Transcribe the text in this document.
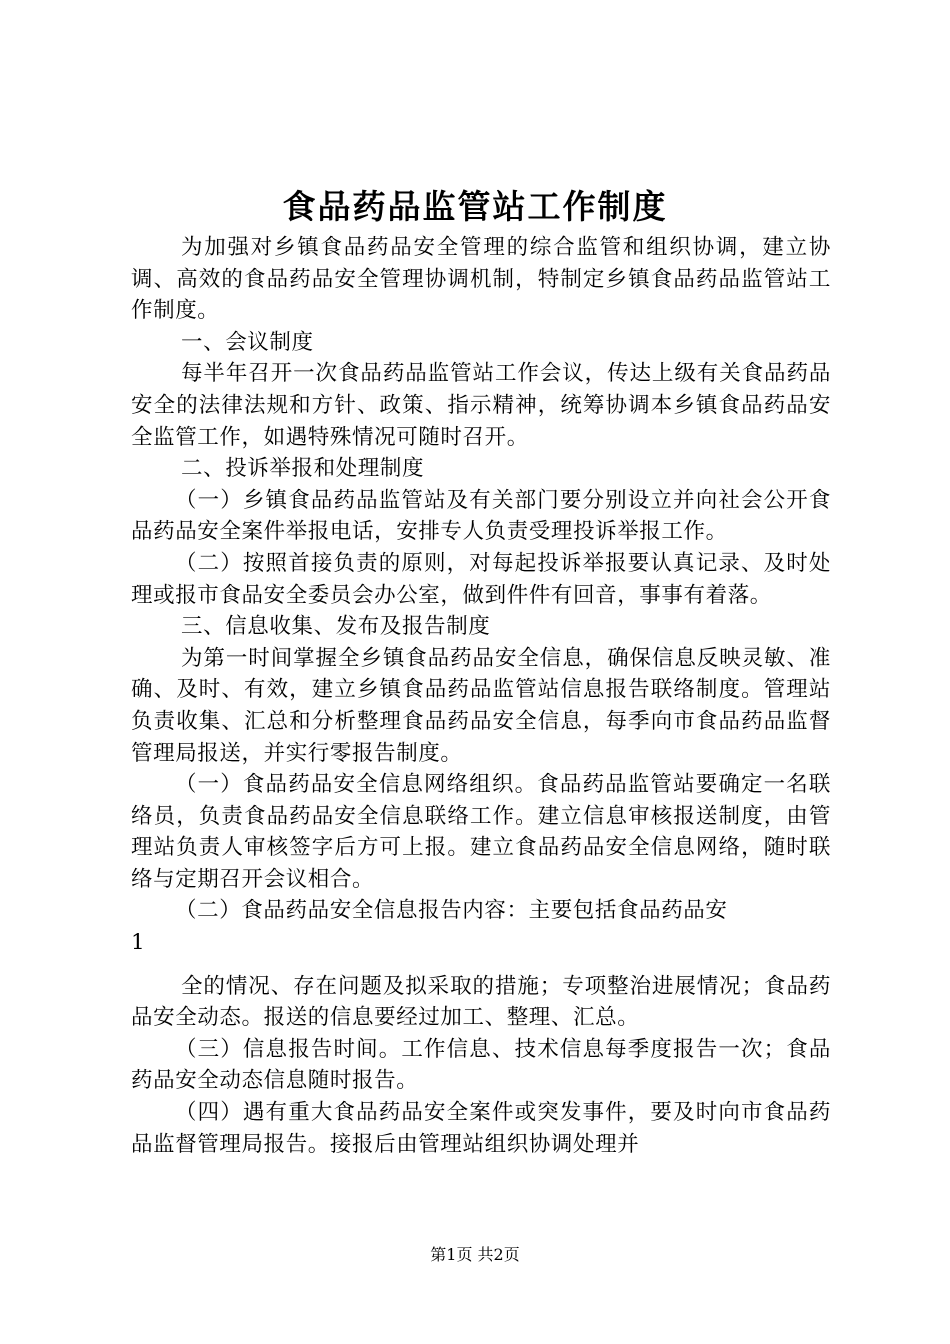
食品药品监管站工作制度

为加强对乡镇食品药品安全管理的综合监管和组织协调，建立协调、高效的食品药品安全管理协调机制，特制定乡镇食品药品监管站工作制度。

一、会议制度

每半年召开一次食品药品监管站工作会议，传达上级有关食品药品安全的法律法规和方针、政策、指示精神，统筹协调本乡镇食品药品安全监管工作，如遇特殊情况可随时召开。

二、投诉举报和处理制度

（一）乡镇食品药品监管站及有关部门要分别设立并向社会公开食品药品安全案件举报电话，安排专人负责受理投诉举报工作。

（二）按照首接负责的原则，对每起投诉举报要认真记录、及时处理或报市食品安全委员会办公室，做到件件有回音，事事有着落。

三、信息收集、发布及报告制度

为第一时间掌握全乡镇食品药品安全信息，确保信息反映灵敏、准确、及时、有效，建立乡镇食品药品监管站信息报告联络制度。管理站负责收集、汇总和分析整理食品药品安全信息，每季向市食品药品监督管理局报送，并实行零报告制度。

（一）食品药品安全信息网络组织。食品药品监管站要确定一名联络员，负责食品药品安全信息联络工作。建立信息审核报送制度，由管理站负责人审核签字后方可上报。建立食品药品安全信息网络，随时联络与定期召开会议相合。

（二）食品药品安全信息报告内容：主要包括食品药品安

1

全的情况、存在问题及拟采取的措施；专项整治进展情况；食品药品安全动态。报送的信息要经过加工、整理、汇总。

（三）信息报告时间。工作信息、技术信息每季度报告一次；食品药品安全动态信息随时报告。

（四）遇有重大食品药品安全案件或突发事件，要及时向市食品药品监督管理局报告。接报后由管理站组织协调处理并

第1页 共2页
